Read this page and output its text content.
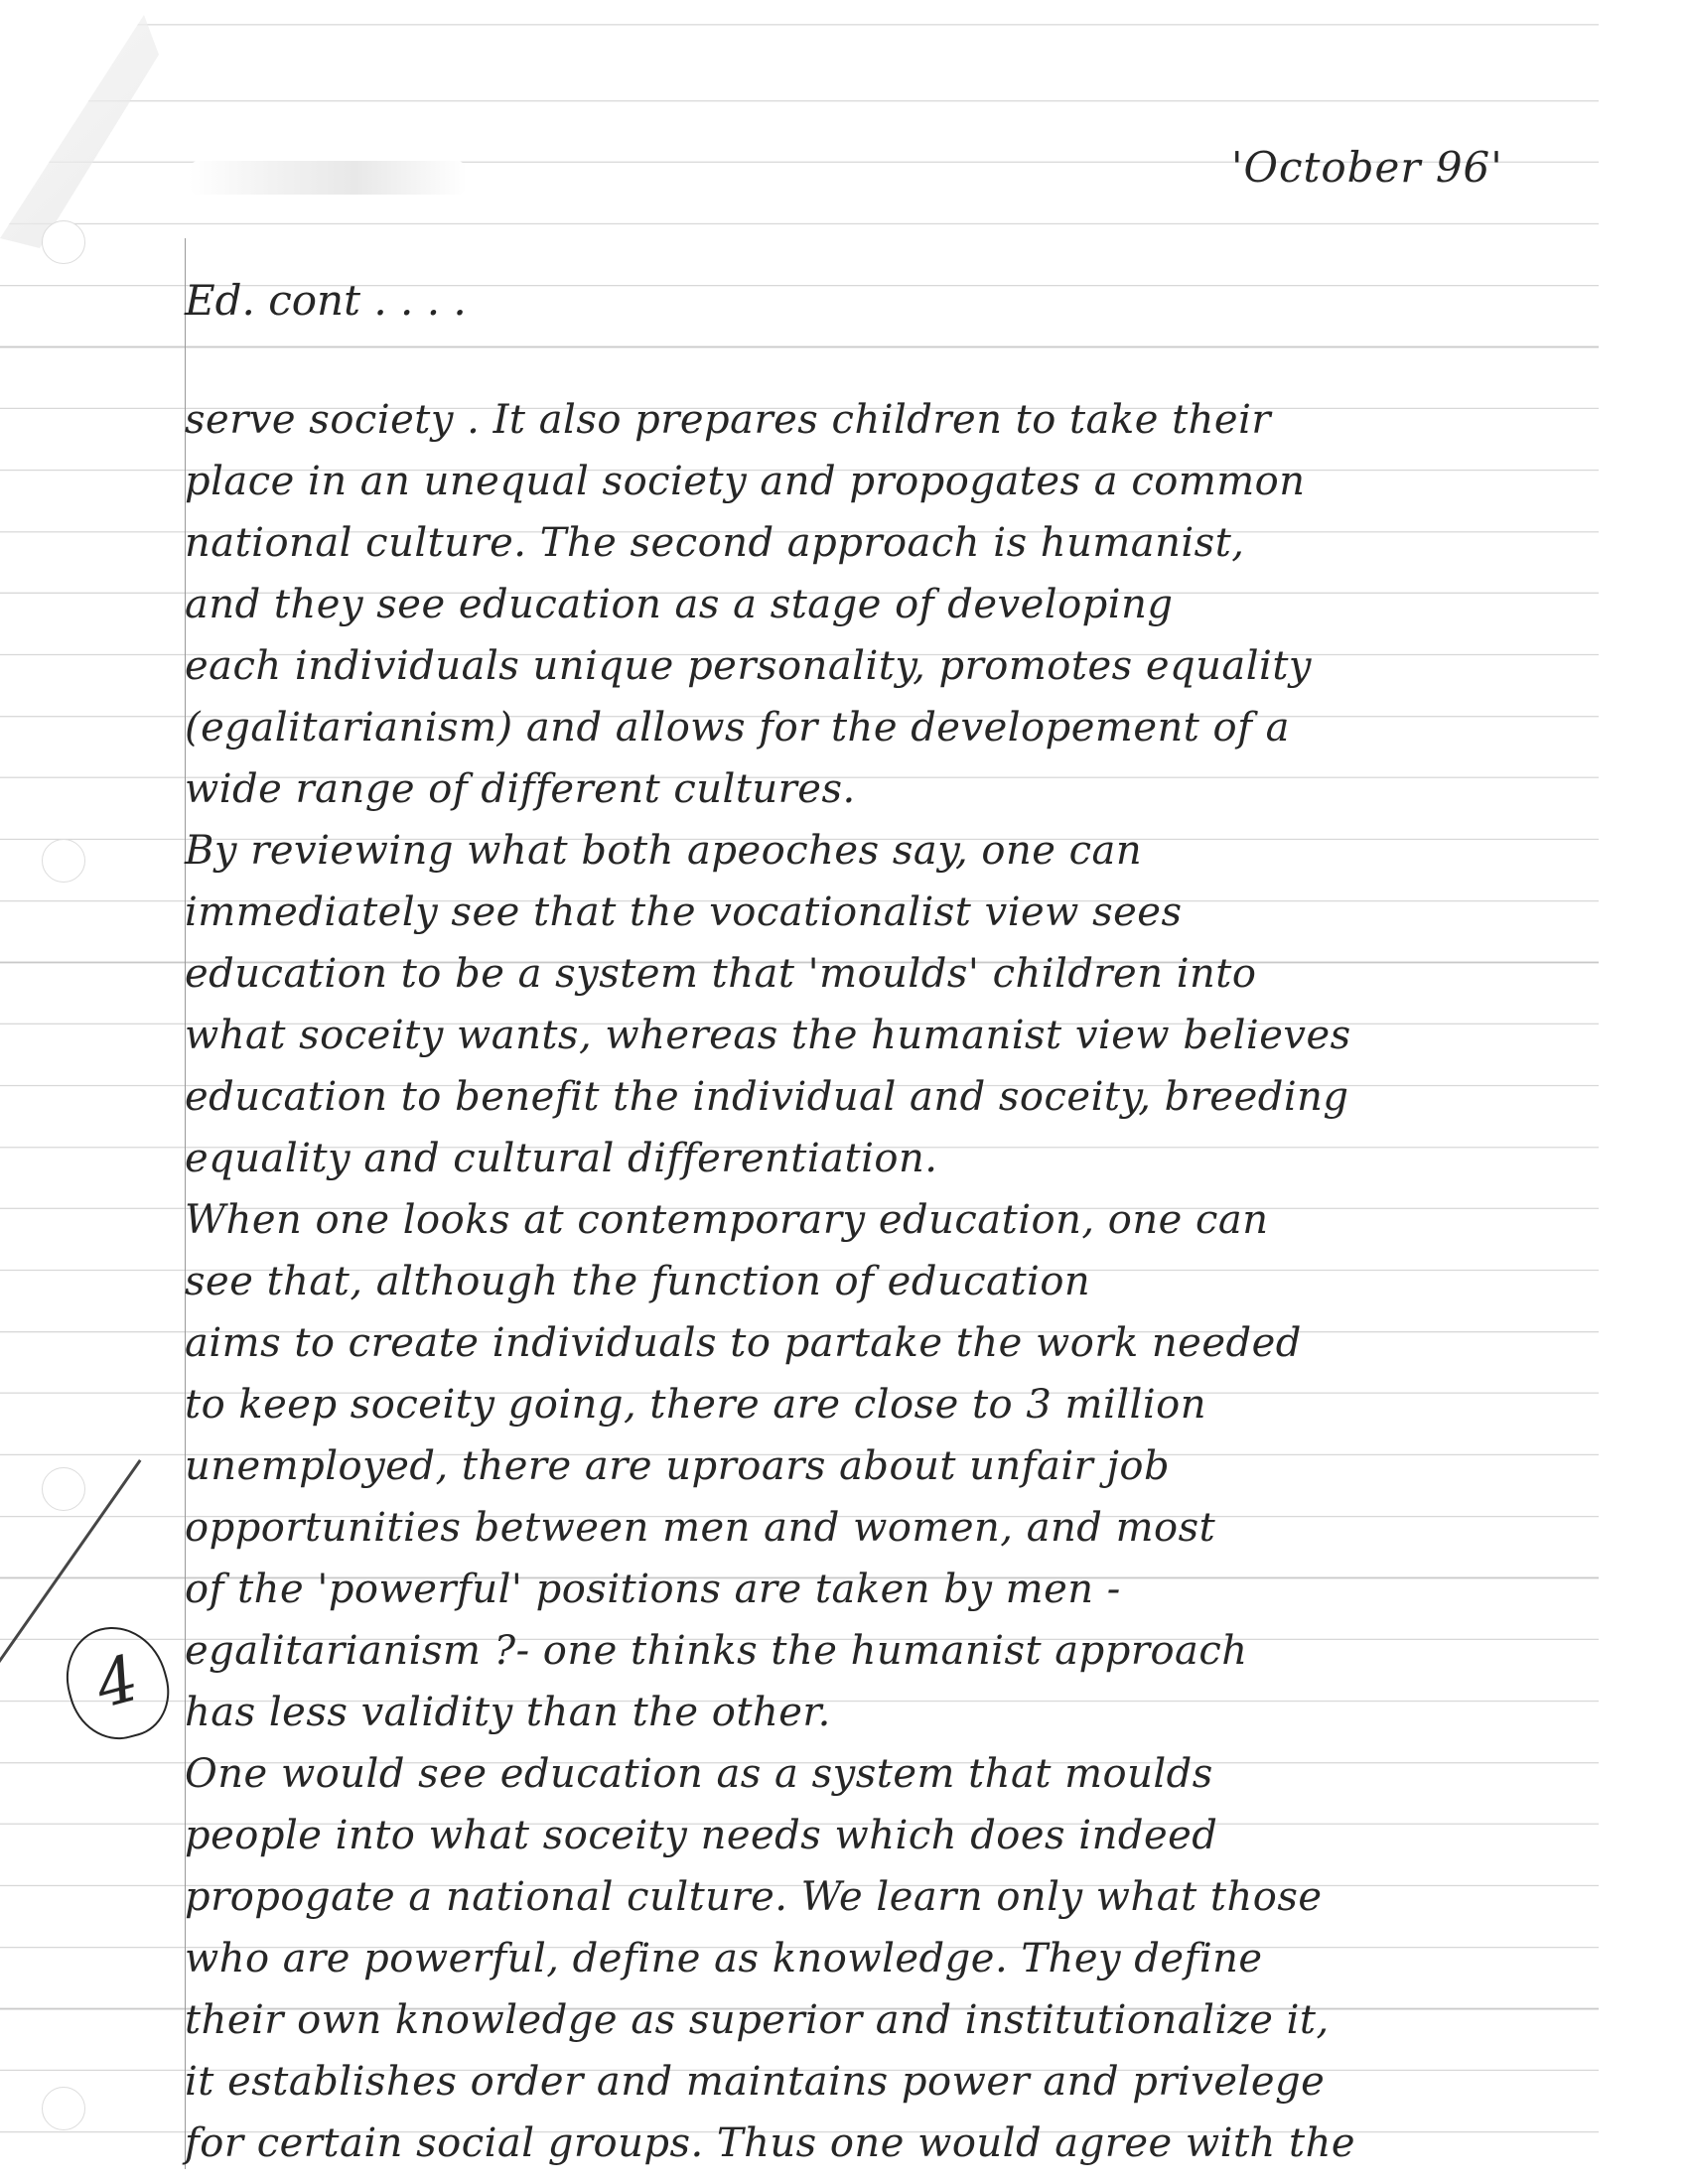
'October 96'

Ed. cont . . . .

4

serve society . It also prepares children to take their

place in an unequal society and propogates a common

national culture. The second approach is humanist,

and they see education as a stage of developing

each individuals unique personality, promotes equality

(egalitarianism) and allows for the developement of a

wide range of different cultures.

By reviewing what both apeoches say, one can

immediately see that the vocationalist view sees

education to be a system that 'moulds' children into

what soceity wants, whereas the humanist view believes

education to benefit the individual and soceity, breeding

equality and cultural differentiation.

When one looks at contemporary education, one can

see that, although the function of education

aims to create individuals to partake the work needed

to keep soceity going, there are close to 3 million

unemployed, there are uproars about unfair job

opportunities between men and women, and most

of the 'powerful' positions are taken by men -

egalitarianism ?- one thinks the humanist approach

has less validity than the other.

One would see education as a system that moulds

people into what soceity needs which does indeed

propogate a national culture. We learn only what those

who are powerful, define as knowledge. They define

their own knowledge as superior and institutionalize it,

it establishes order and maintains power and privelege

for certain social groups. Thus one would agree with the
